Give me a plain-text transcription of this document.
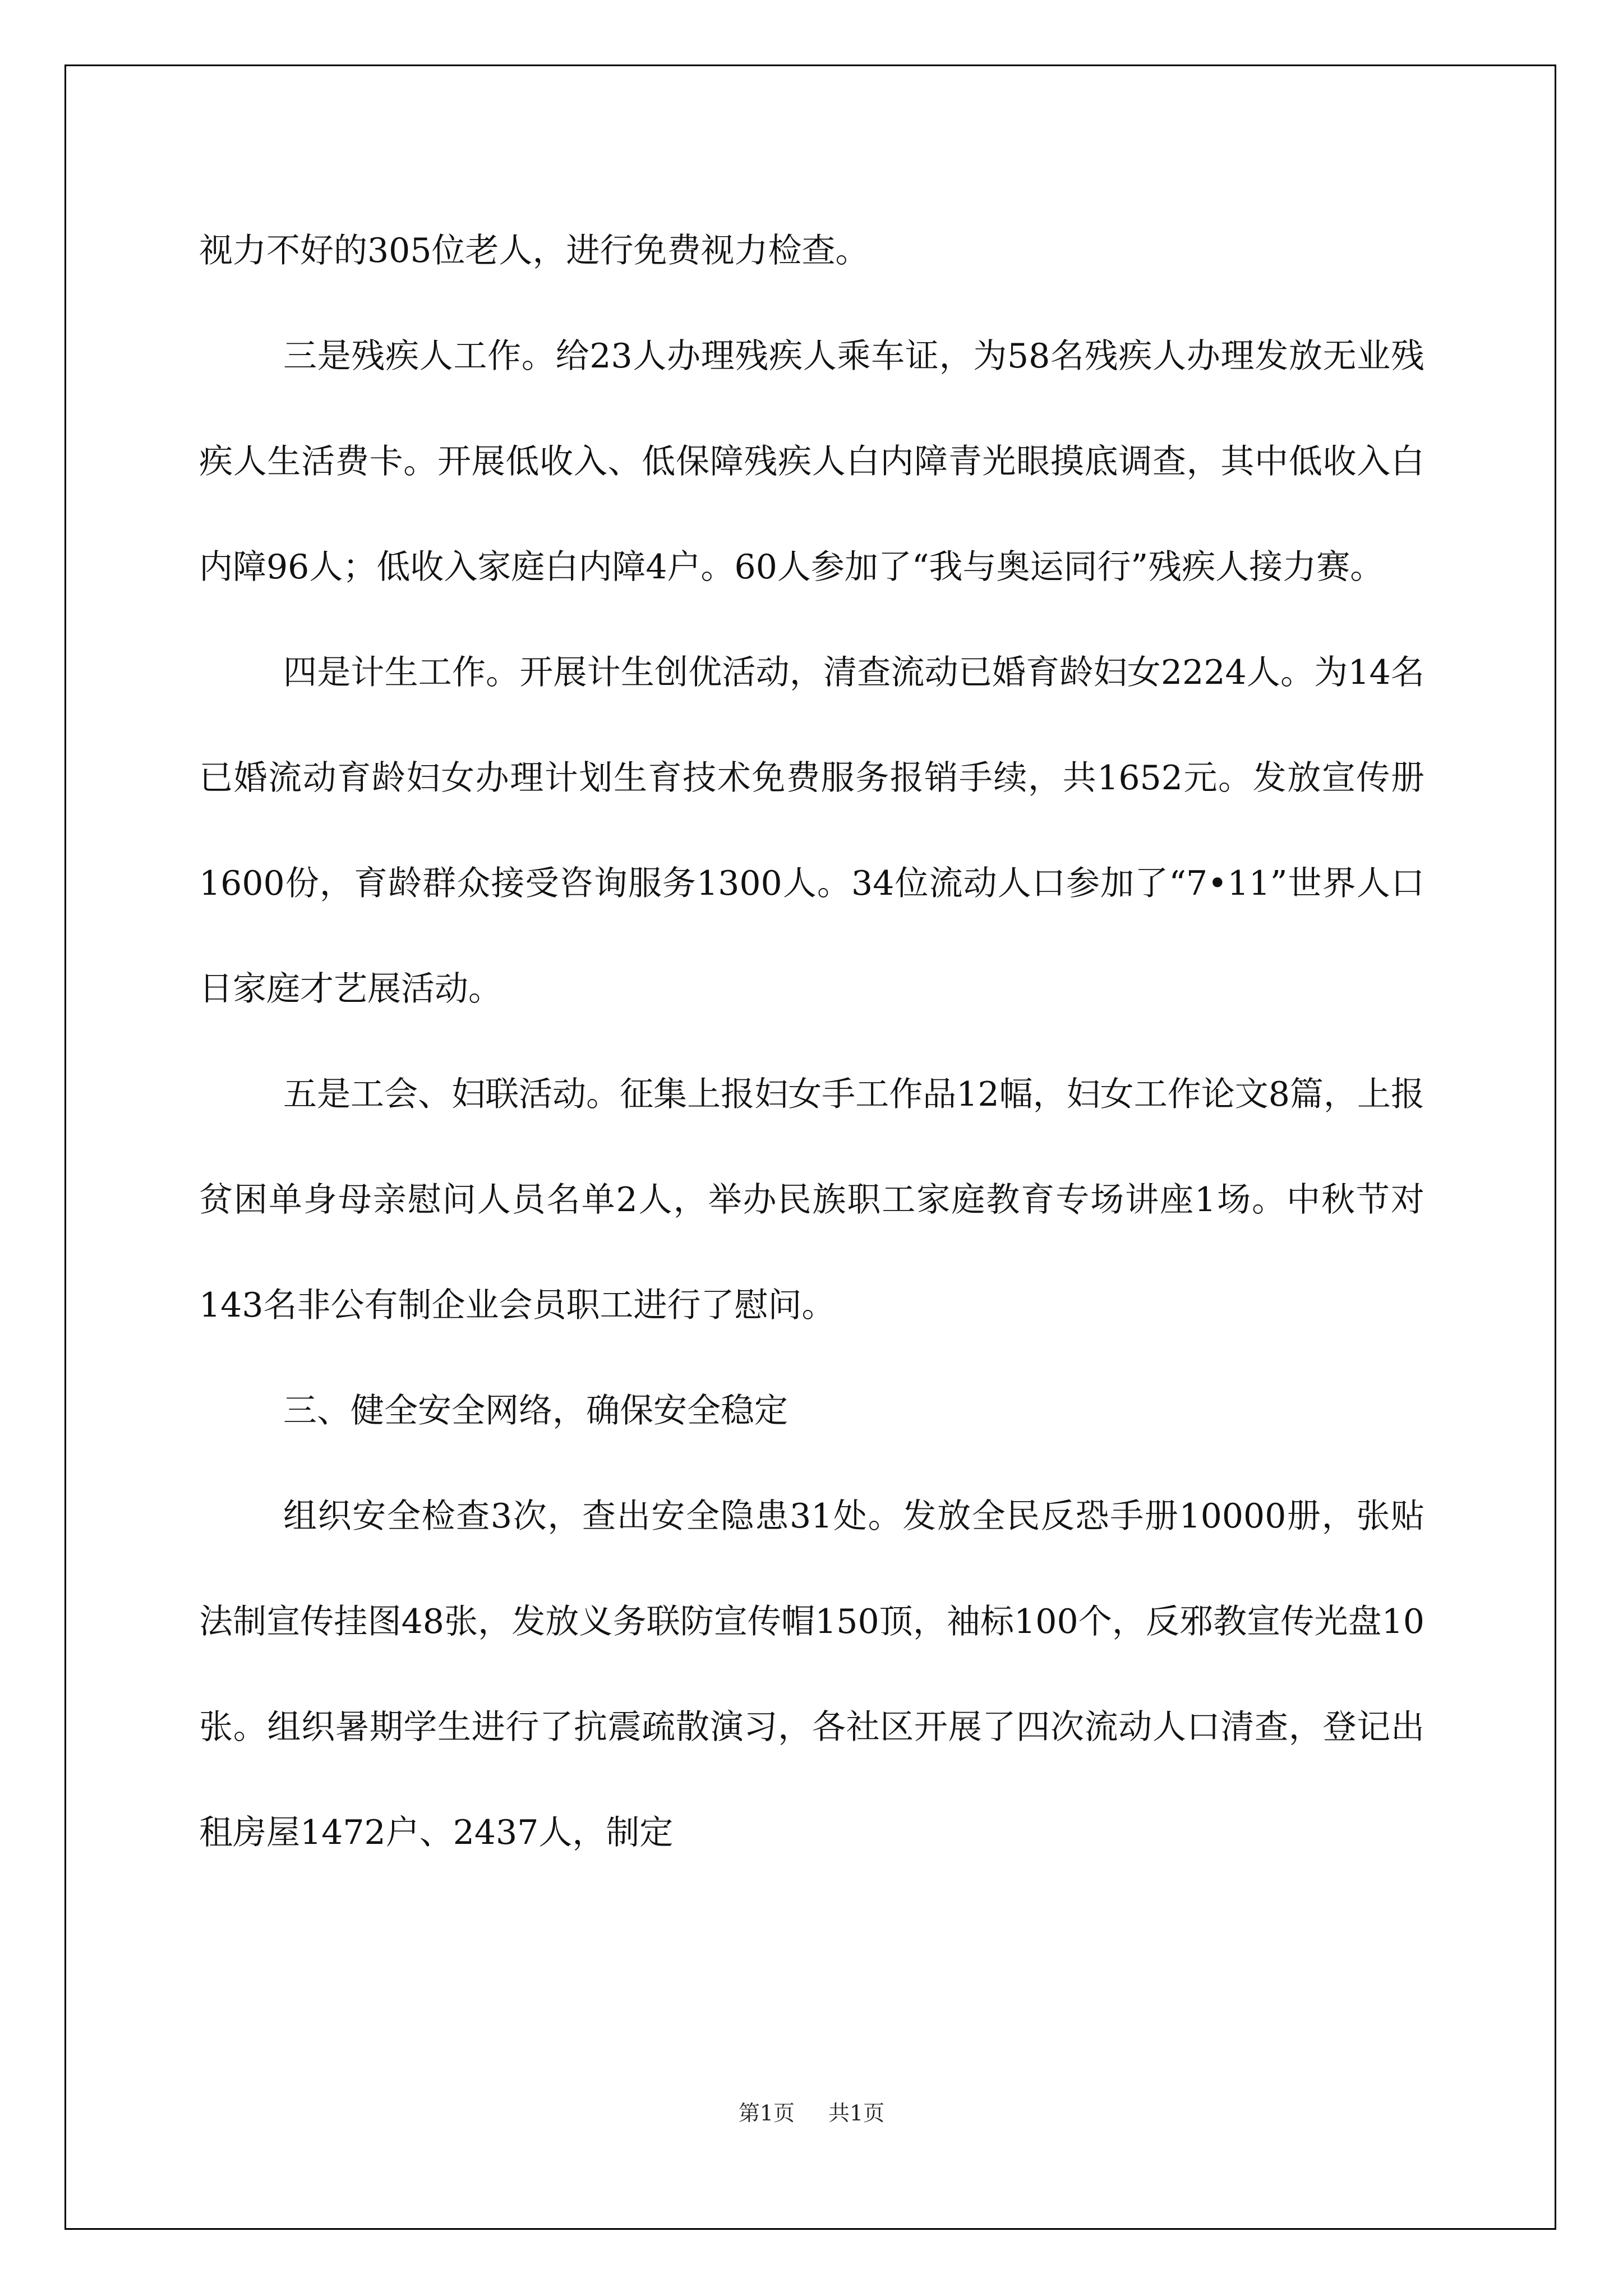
视力不好的305位老人，进行免费视力检查。

三是残疾人工作。给23人办理残疾人乘车证，为58名残疾人办理发放无业残疾人生活费卡。开展低收入、低保障残疾人白内障青光眼摸底调查，其中低收入白内障96人；低收入家庭白内障4户。60人参加了“我与奥运同行”残疾人接力赛。

四是计生工作。开展计生创优活动，清查流动已婚育龄妇女2224人。为14名已婚流动育龄妇女办理计划生育技术免费服务报销手续，共1652元。发放宣传册1600份，育龄群众接受咨询服务1300人。34位流动人口参加了“7•11”世界人口日家庭才艺展活动。

五是工会、妇联活动。征集上报妇女手工作品12幅，妇女工作论文8篇，上报贫困单身母亲慰问人员名单2人，举办民族职工家庭教育专场讲座1场。中秋节对143名非公有制企业会员职工进行了慰问。

三、健全安全网络，确保安全稳定

组织安全检查3次，查出安全隐患31处。发放全民反恐手册10000册，张贴法制宣传挂图48张，发放义务联防宣传帽150顶，袖标100个，反邪教宣传光盘10张。组织暑期学生进行了抗震疏散演习，各社区开展了四次流动人口清查，登记出租房屋1472户、2437人，制定

第1页 共1页
